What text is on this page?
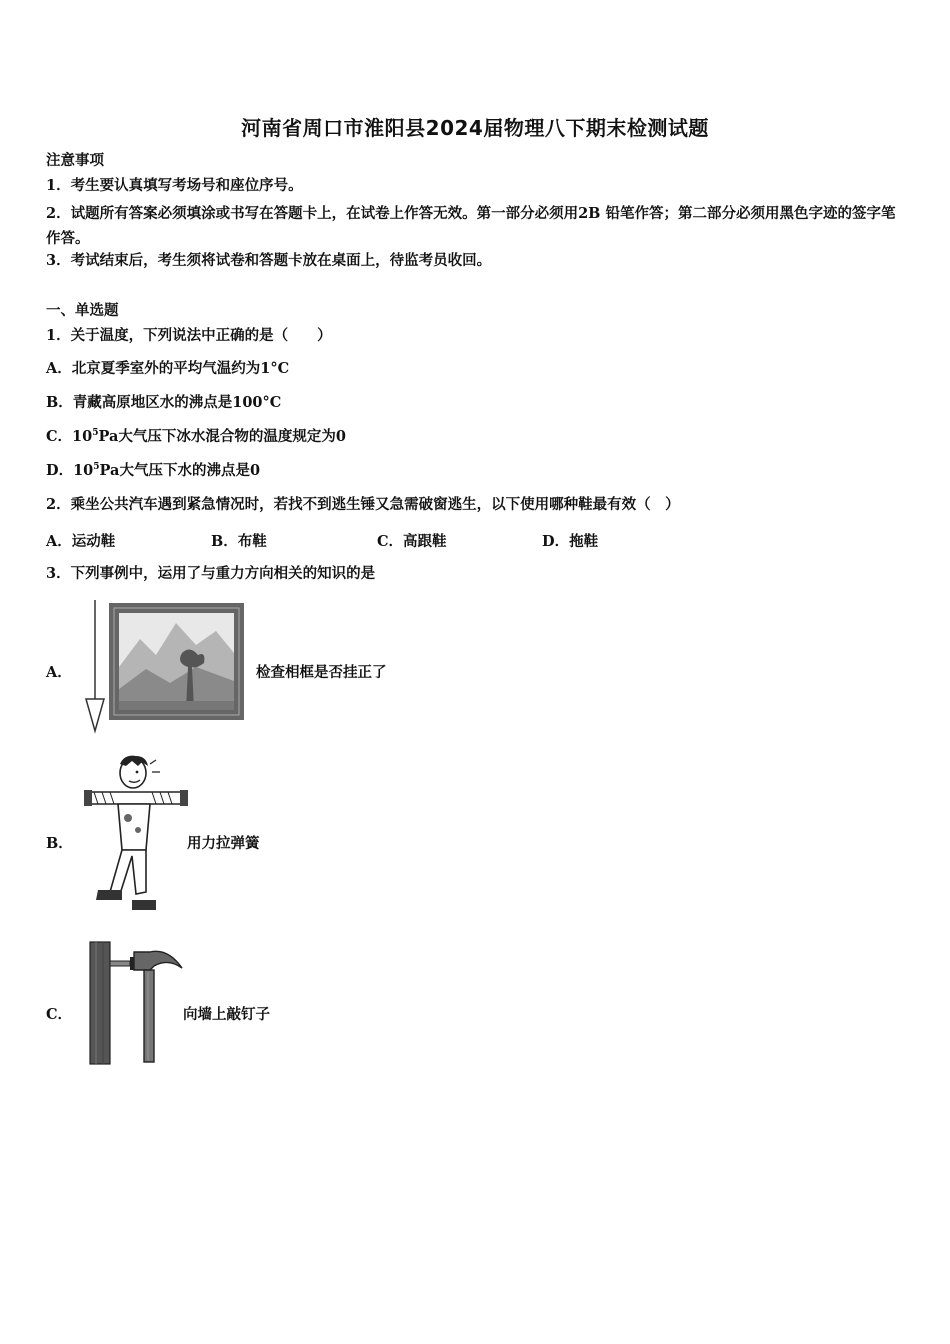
河南省周口市淮阳县2024届物理八下期末检测试题
注意事项
1．考生要认真填写考场号和座位序号。
2．试题所有答案必须填涂或书写在答题卡上，在试卷上作答无效。第一部分必须用2B 铅笔作答；第二部分必须用黑色字迹的签字笔作答。
3．考试结束后，考生须将试卷和答题卡放在桌面上，待监考员收回。
一、单选题
1．关于温度，下列说法中正确的是（　　）
A．北京夏季室外的平均气温约为1°C
B．青藏高原地区水的沸点是100°C
C．$10^5Pa$大气压下冰水混合物的温度规定为0
D．$10^5Pa$大气压下水的沸点是0
2．乘坐公共汽车遇到紧急情况时，若找不到逃生锤又急需破窗逃生，以下使用哪种鞋最有效（　）
A．运动鞋	B．布鞋	C．高跟鞋	D．拖鞋
3．下列事例中，运用了与重力方向相关的知识的是
A．	检查相框是否挂正了
B．	用力拉弹簧
C．	向墙上敲钉子
